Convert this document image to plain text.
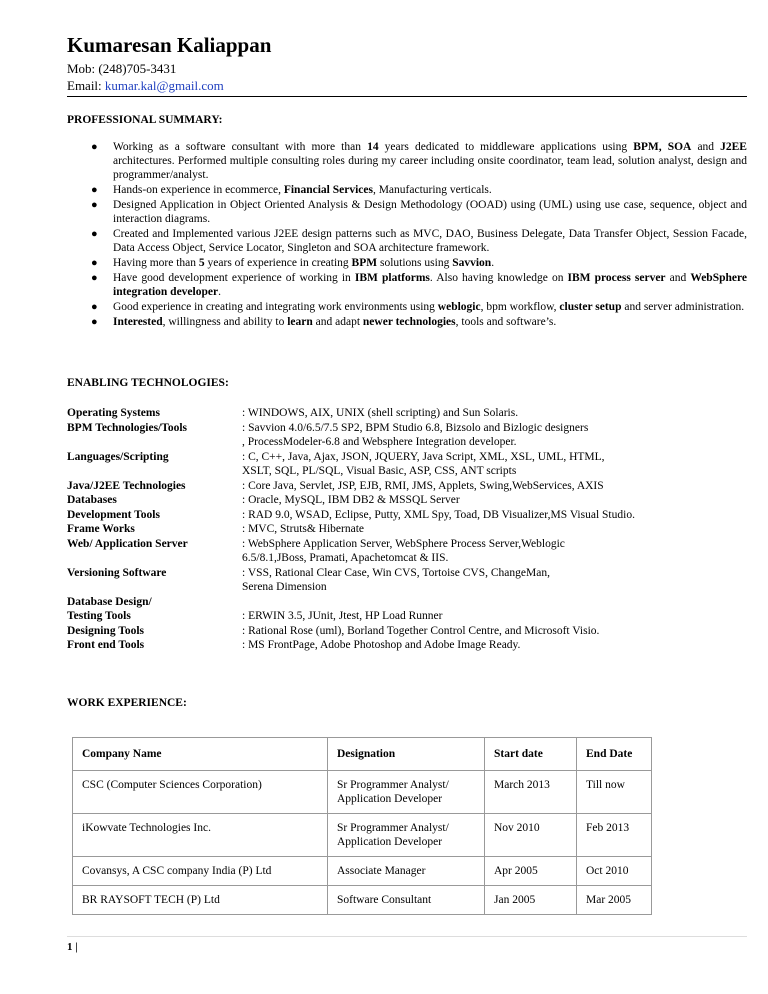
Kumaresan Kaliappan
Mob: (248)705-3431
Email: kumar.kal@gmail.com
PROFESSIONAL SUMMARY:
● Working as a software consultant with more than 14 years dedicated to middleware applications using BPM, SOA and J2EE architectures. Performed multiple consulting roles during my career including onsite coordinator, team lead, solution analyst, design and programmer/analyst.
● Hands-on experience in ecommerce, Financial Services, Manufacturing verticals.
● Designed Application in Object Oriented Analysis & Design Methodology (OOAD) using (UML) using use case, sequence, object and interaction diagrams.
● Created and Implemented various J2EE design patterns such as MVC, DAO, Business Delegate, Data Transfer Object, Session Facade, Data Access Object, Service Locator, Singleton and SOA architecture framework.
● Having more than 5 years of experience in creating BPM solutions using Savvion.
● Have good development experience of working in IBM platforms. Also having knowledge on IBM process server and WebSphere integration developer.
● Good experience in creating and integrating work environments using weblogic, bpm workflow, cluster setup and server administration.
● Interested, willingness and ability to learn and adapt newer technologies, tools and software’s.
ENABLING TECHNOLOGIES:
Operating Systems	: WINDOWS, AIX, UNIX (shell scripting) and Sun Solaris.
BPM Technologies/Tools	: Savvion 4.0/6.5/7.5 SP2, BPM Studio 6.8, Bizsolo and Bizlogic designers
, ProcessModeler-6.8 and Websphere Integration developer.
Languages/Scripting	: C, C++, Java, Ajax, JSON, JQUERY, Java Script, XML, XSL, UML, HTML,
XSLT, SQL, PL/SQL, Visual Basic, ASP, CSS, ANT scripts
Java/J2EE Technologies	: Core Java, Servlet, JSP, EJB, RMI, JMS, Applets, Swing,WebServices, AXIS
Databases	: Oracle, MySQL, IBM DB2 & MSSQL Server
Development Tools	: RAD 9.0, WSAD, Eclipse, Putty, XML Spy, Toad, DB Visualizer,MS Visual Studio.
Frame Works	: MVC, Struts& Hibernate
Web/ Application Server	: WebSphere Application Server, WebSphere Process Server,Weblogic
6.5/8.1,JBoss, Pramati, Apachetomcat & IIS.
Versioning Software	: VSS, Rational Clear Case, Win CVS, Tortoise CVS, ChangeMan,
Serena Dimension
Database Design/
Testing Tools	: ERWIN 3.5, JUnit, Jtest, HP Load Runner
Designing Tools	: Rational Rose (uml), Borland Together Control Centre, and Microsoft Visio.
Front end Tools	: MS FrontPage, Adobe Photoshop and Adobe Image Ready.
WORK EXPERIENCE:
Company Name	Designation	Start date	End Date
CSC (Computer Sciences Corporation)	Sr Programmer Analyst/
Application Developer	March 2013	Till now
iKowvate Technologies Inc.	Sr Programmer Analyst/
Application Developer	Nov 2010	Feb 2013
Covansys, A CSC company India (P) Ltd	Associate Manager	Apr 2005	Oct 2010
BR RAYSOFT TECH (P) Ltd	Software Consultant	Jan 2005	Mar 2005
1 |
